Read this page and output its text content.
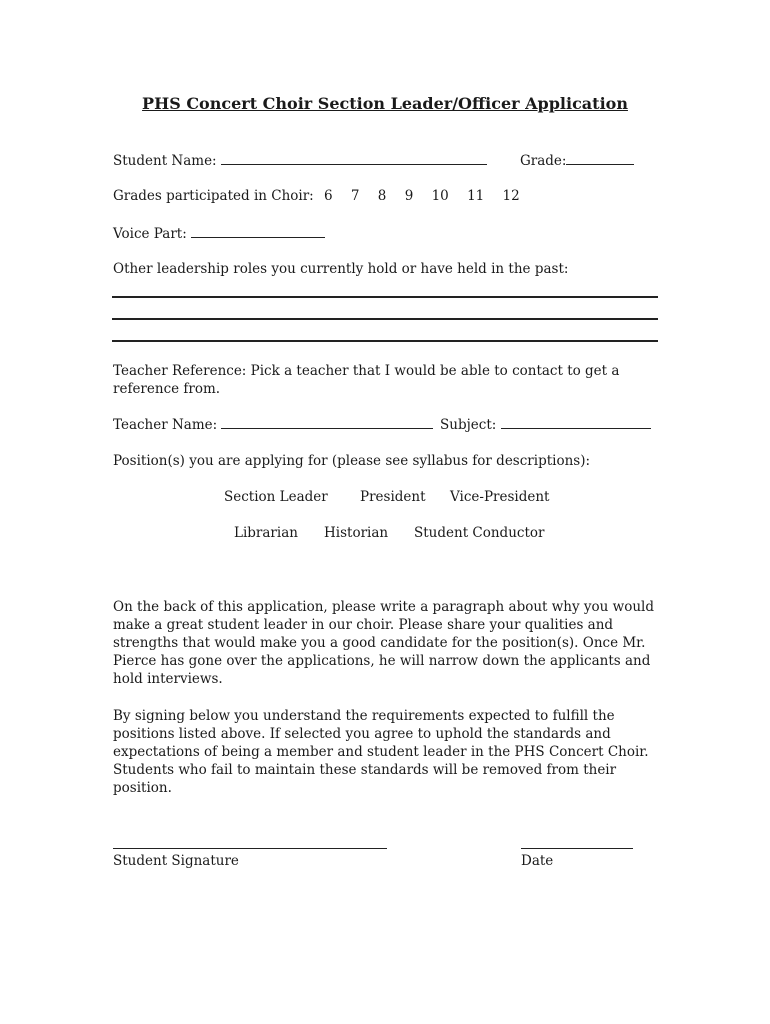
PHS Concert Choir Section Leader/Officer Application
Student Name:	Grade:
Grades participated in Choir: 6 7 8 9 10 11 12
Voice Part:
Other leadership roles you currently hold or have held in the past:
Teacher Reference: Pick a teacher that I would be able to contact to get a reference from.
Teacher Name:	Subject:
Position(s) you are applying for (please see syllabus for descriptions):
Section Leader President Vice-President
Librarian Historian Student Conductor
On the back of this application, please write a paragraph about why you would make a great student leader in our choir. Please share your qualities and strengths that would make you a good candidate for the position(s). Once Mr. Pierce has gone over the applications, he will narrow down the applicants and hold interviews.
By signing below you understand the requirements expected to fulfill the positions listed above. If selected you agree to uphold the standards and expectations of being a member and student leader in the PHS Concert Choir. Students who fail to maintain these standards will be removed from their position.
Student Signature	Date
